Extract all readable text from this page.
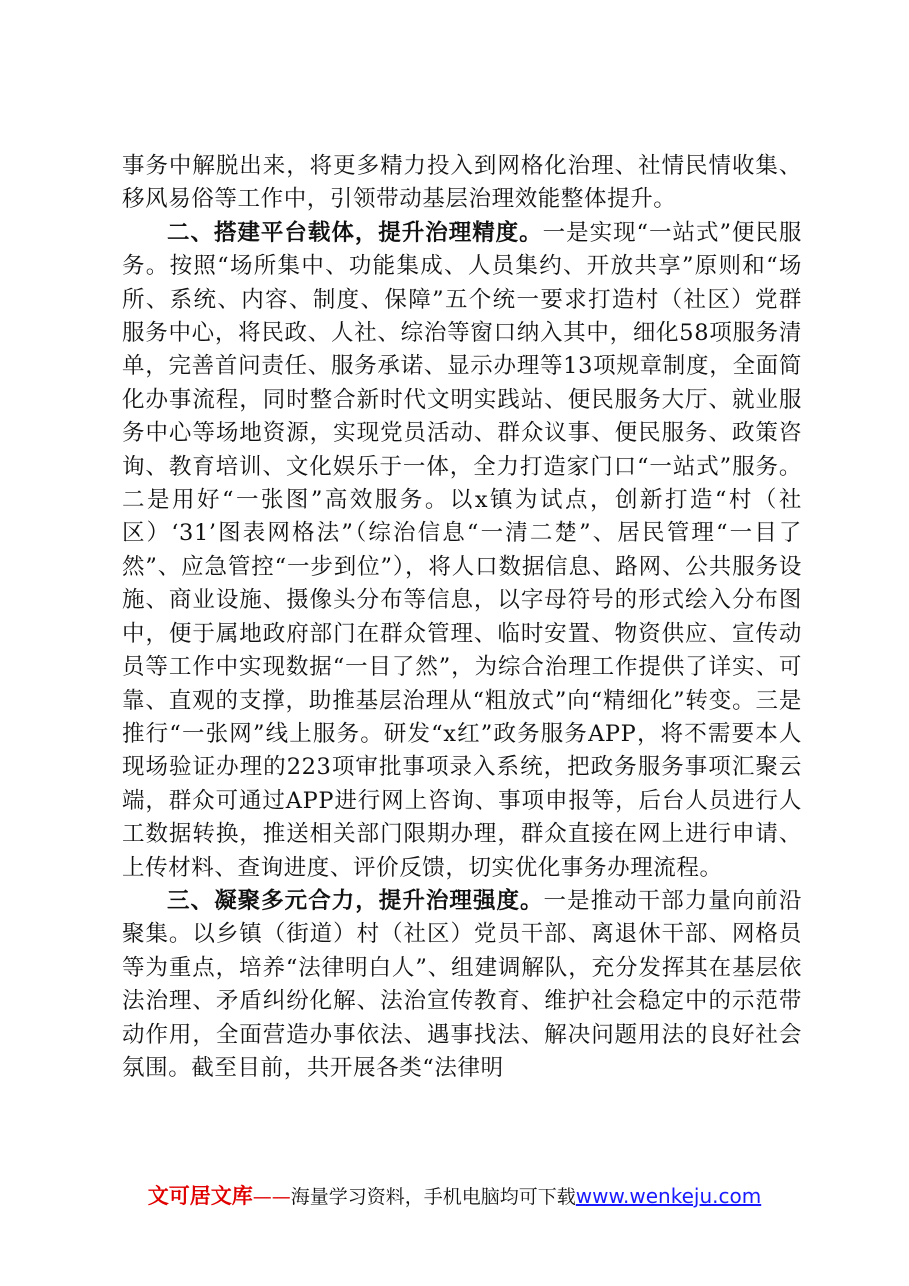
事务中解脱出来，将更多精力投入到网格化治理、社情民情收集、移风易俗等工作中，引领带动基层治理效能整体提升。

二、搭建平台载体，提升治理精度。一是实现“一站式”便民服务。按照“场所集中、功能集成、人员集约、开放共享”原则和“场所、系统、内容、制度、保障”五个统一要求打造村（社区）党群服务中心，将民政、人社、综治等窗口纳入其中，细化58项服务清单，完善首问责任、服务承诺、显示办理等13项规章制度，全面简化办事流程，同时整合新时代文明实践站、便民服务大厅、就业服务中心等场地资源，实现党员活动、群众议事、便民服务、政策咨询、教育培训、文化娱乐于一体，全力打造家门口“一站式”服务。二是用好“一张图”高效服务。以x镇为试点，创新打造“村（社区）‘31’图表网格法”（综治信息“一清二楚”、居民管理“一目了然”、应急管控“一步到位”），将人口数据信息、路网、公共服务设施、商业设施、摄像头分布等信息，以字母符号的形式绘入分布图中，便于属地政府部门在群众管理、临时安置、物资供应、宣传动员等工作中实现数据“一目了然”，为综合治理工作提供了详实、可靠、直观的支撑，助推基层治理从“粗放式”向“精细化”转变。三是推行“一张网”线上服务。研发“x红”政务服务APP，将不需要本人现场验证办理的223项审批事项录入系统，把政务服务事项汇聚云端，群众可通过APP进行网上咨询、事项申报等，后台人员进行人工数据转换，推送相关部门限期办理，群众直接在网上进行申请、上传材料、查询进度、评价反馈，切实优化事务办理流程。

三、凝聚多元合力，提升治理强度。一是推动干部力量向前沿聚集。以乡镇（街道）村（社区）党员干部、离退休干部、网格员等为重点，培养“法律明白人”、组建调解队，充分发挥其在基层依法治理、矛盾纠纷化解、法治宣传教育、维护社会稳定中的示范带动作用，全面营造办事依法、遇事找法、解决问题用法的良好社会氛围。截至目前，共开展各类“法律明

文可居文库——海量学习资料，手机电脑均可下载www.wenkeju.com
